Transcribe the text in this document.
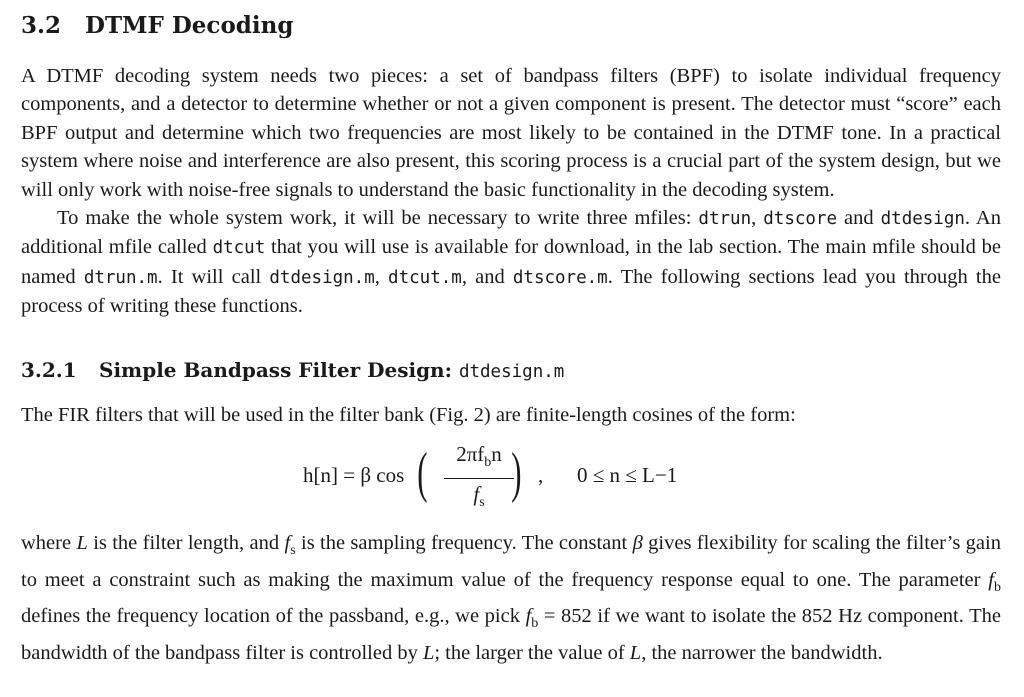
3.2 DTMF Decoding

A DTMF decoding system needs two pieces: a set of bandpass filters (BPF) to isolate individual frequency components, and a detector to determine whether or not a given component is present. The detector must “score” each BPF output and determine which two frequencies are most likely to be contained in the DTMF tone. In a practical system where noise and interference are also present, this scoring process is a crucial part of the system design, but we will only work with noise-free signals to understand the basic functionality in the decoding system.

To make the whole system work, it will be necessary to write three mfiles: dtrun, dtscore and dtdesign. An additional mfile called dtcut that you will use is available for download, in the lab section. The main mfile should be named dtrun.m. It will call dtdesign.m, dtcut.m, and dtscore.m. The following sections lead you through the process of writing these functions.

3.2.1 Simple Bandpass Filter Design: dtdesign.m

The FIR filters that will be used in the filter bank (Fig. 2) are finite-length cosines of the form:

h[n] = β cos (	$2\pi f_bn$
$f_s$ ) , 0 ≤ n ≤ L−1

where L is the filter length, and $f_s$ is the sampling frequency. The constant β gives flexibility for scaling the filter’s gain to meet a constraint such as making the maximum value of the frequency response equal to one. The parameter $f_b$ defines the frequency location of the passband, e.g., we pick $f_b = 852$ if we want to isolate the 852 Hz component. The bandwidth of the bandpass filter is controlled by L; the larger the value of L, the narrower the bandwidth.
